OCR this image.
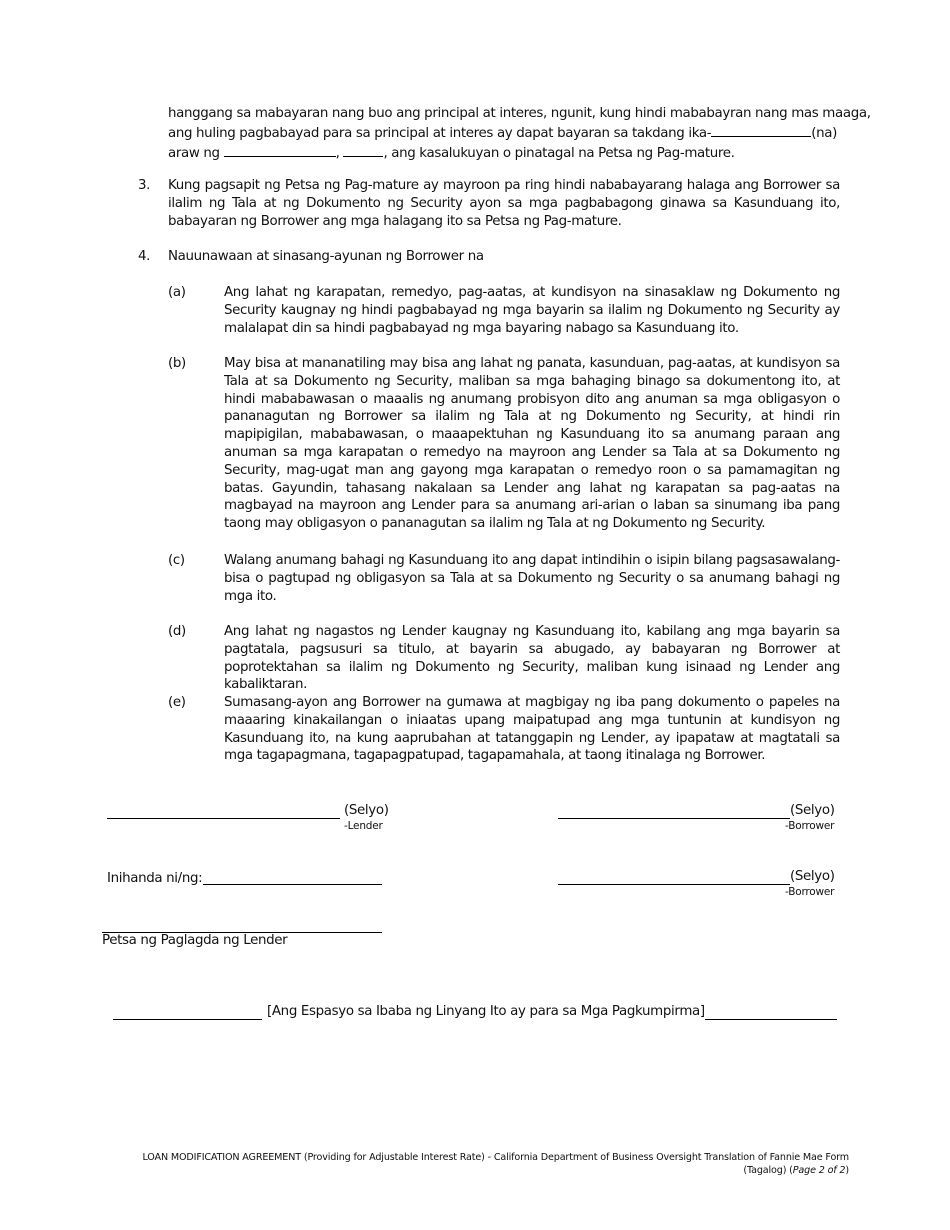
hanggang sa mabayaran nang buo ang principal at interes, ngunit, kung hindi mababayran nang mas maaga,
ang huling pagbabayad para sa principal at interes ay dapat bayaran sa takdang ika-	(na)
araw ng	,	, ang kasalukuyan o pinatagal na Petsa ng Pag-mature.
3. Kung pagsapit ng Petsa ng Pag-mature ay mayroon pa ring hindi nababayarang halaga ang Borrower sa ilalim ng Tala at ng Dokumento ng Security ayon sa mga pagbabagong ginawa sa Kasunduang ito, babayaran ng Borrower ang mga halagang ito sa Petsa ng Pag-mature.
4. Nauunawaan at sinasang-ayunan ng Borrower na
(a)	Ang lahat ng karapatan, remedyo, pag-aatas, at kundisyon na sinasaklaw ng Dokumento ng Security kaugnay ng hindi pagbabayad ng mga bayarin sa ilalim ng Dokumento ng Security ay malalapat din sa hindi pagbabayad ng mga bayaring nabago sa Kasunduang ito.
(b)	May bisa at mananatiling may bisa ang lahat ng panata, kasunduan, pag-aatas, at kundisyon sa Tala at sa Dokumento ng Security, maliban sa mga bahaging binago sa dokumentong ito, at hindi mababawasan o maaalis ng anumang probisyon dito ang anuman sa mga obligasyon o pananagutan ng Borrower sa ilalim ng Tala at ng Dokumento ng Security, at hindi rin mapipigilan, mababawasan, o maaapektuhan ng Kasunduang ito sa anumang paraan ang anuman sa mga karapatan o remedyo na mayroon ang Lender sa Tala at sa Dokumento ng Security, mag-ugat man ang gayong mga karapatan o remedyo roon o sa pamamagitan ng batas. Gayundin, tahasang nakalaan sa Lender ang lahat ng karapatan sa pag-aatas na magbayad na mayroon ang Lender para sa anumang ari-arian o laban sa sinumang iba pang taong may obligasyon o pananagutan sa ilalim ng Tala at ng Dokumento ng Security.
(c)	Walang anumang bahagi ng Kasunduang ito ang dapat intindihin o isipin bilang pagsasawalang-bisa o pagtupad ng obligasyon sa Tala at sa Dokumento ng Security o sa anumang bahagi ng mga ito.
(d)	Ang lahat ng nagastos ng Lender kaugnay ng Kasunduang ito, kabilang ang mga bayarin sa pagtatala, pagsusuri sa titulo, at bayarin sa abugado, ay babayaran ng Borrower at poprotektahan sa ilalim ng Dokumento ng Security, maliban kung isinaad ng Lender ang kabaliktaran.
(e)	Sumasang-ayon ang Borrower na gumawa at magbigay ng iba pang dokumento o papeles na maaaring kinakailangan o iniaatas upang maipatupad ang mga tuntunin at kundisyon ng Kasunduang ito, na kung aaprubahan at tatanggapin ng Lender, ay ipapataw at magtatali sa mga tagapagmana, tagapagpatupad, tagapamahala, at taong itinalaga ng Borrower.
(Selyo)
-Lender
(Selyo)
-Borrower
Inihanda ni/ng:	(Selyo)
-Borrower
Petsa ng Paglagda ng Lender
[Ang Espasyo sa Ibaba ng Linyang Ito ay para sa Mga Pagkumpirma]
LOAN MODIFICATION AGREEMENT (Providing for Adjustable Interest Rate) - California Department of Business Oversight Translation of Fannie Mae Form
(Tagalog) (Page 2 of 2)
